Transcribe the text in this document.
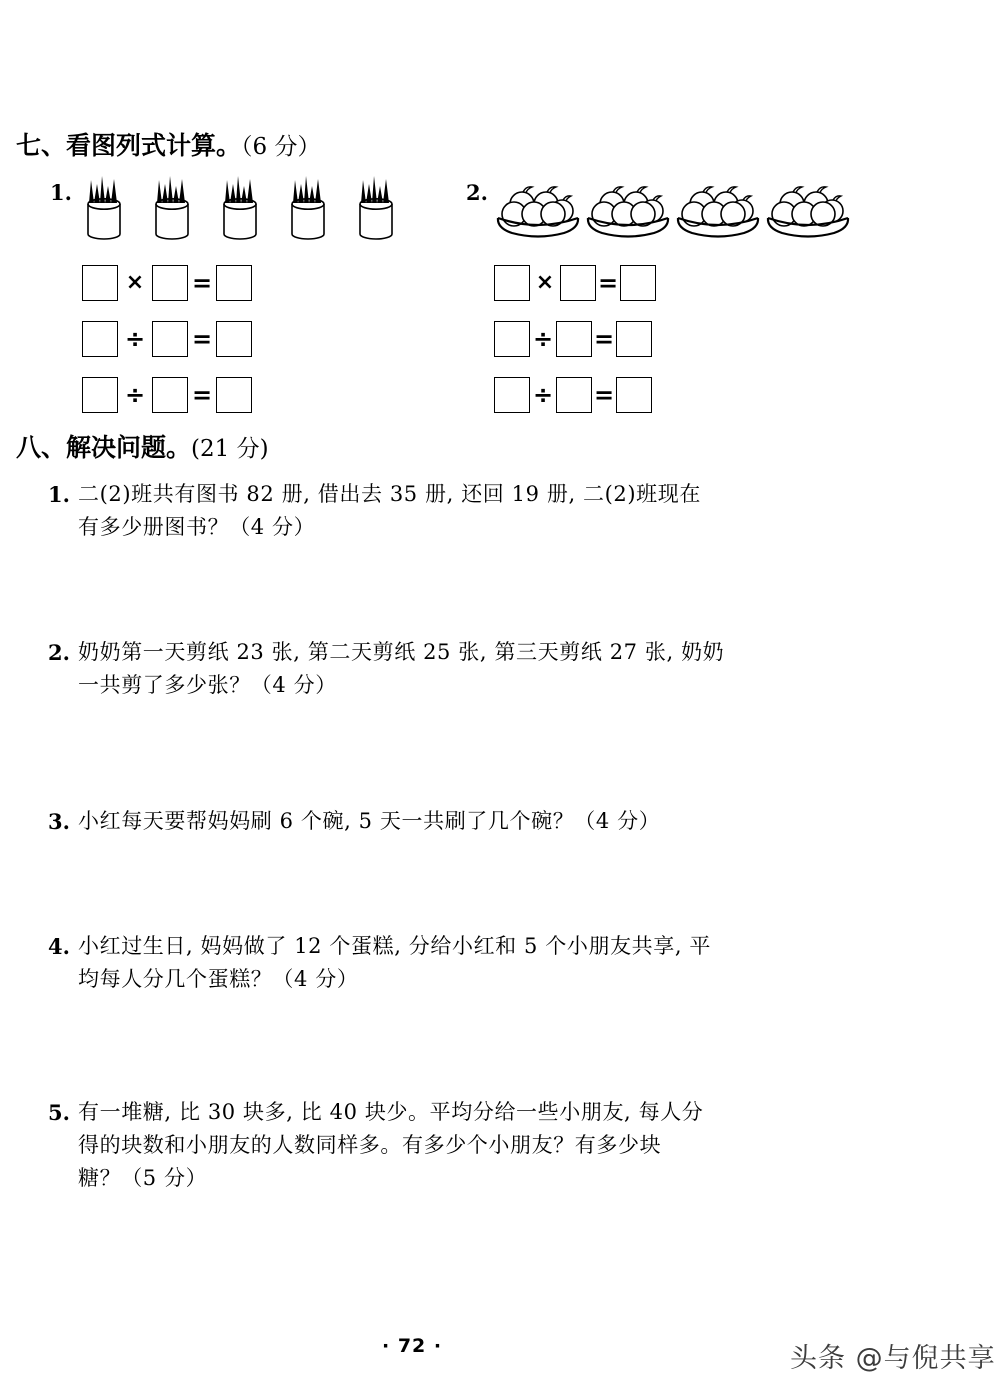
七、看图列式计算。（6 分）
1.
×	=
÷ =
÷ =
2.
× =
÷ =
÷ =
八、解决问题。(21 分)
1. 二(2)班共有图书 82 册, 借出去 35 册, 还回 19 册, 二(2)班现在
有多少册图书？（4 分）
2. 奶奶第一天剪纸 23 张, 第二天剪纸 25 张, 第三天剪纸 27 张, 奶奶
一共剪了多少张？（4 分）
3. 小红每天要帮妈妈刷 6 个碗, 5 天一共刷了几个碗？（4 分）
4. 小红过生日, 妈妈做了 12 个蛋糕, 分给小红和 5 个小朋友共享, 平
均每人分几个蛋糕？（4 分）
5. 有一堆糖, 比 30 块多, 比 40 块少。平均分给一些小朋友, 每人分
得的块数和小朋友的人数同样多。有多少个小朋友？有多少块
糖？（5 分）
· 72 ·	头条 @与倪共享
